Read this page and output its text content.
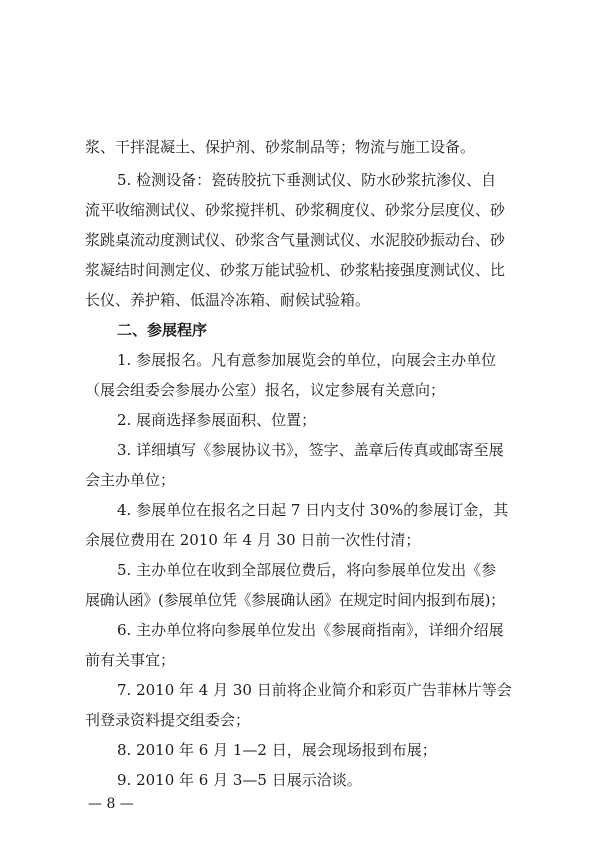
浆、干拌混凝土、保护剂、砂浆制品等；物流与施工设备。
5. 检测设备：瓷砖胶抗下垂测试仪、防水砂浆抗渗仪、自
流平收缩测试仪、砂浆搅拌机、砂浆稠度仪、砂浆分层度仪、砂
浆跳桌流动度测试仪、砂浆含气量测试仪、水泥胶砂振动台、砂
浆凝结时间测定仪、砂浆万能试验机、砂浆粘接强度测试仪、比
长仪、养护箱、低温冷冻箱、耐候试验箱。
二、参展程序
1. 参展报名。凡有意参加展览会的单位，向展会主办单位
（展会组委会参展办公室）报名，议定参展有关意向；
2. 展商选择参展面积、位置；
3. 详细填写《参展协议书》，签字、盖章后传真或邮寄至展
会主办单位；
4. 参展单位在报名之日起 7 日内支付 30%的参展订金，其
余展位费用在 2010 年 4 月 30 日前一次性付清；
5. 主办单位在收到全部展位费后，将向参展单位发出《参
展确认函》(参展单位凭《参展确认函》在规定时间内报到布展)；
6. 主办单位将向参展单位发出《参展商指南》，详细介绍展
前有关事宜；
7. 2010 年 4 月 30 日前将企业简介和彩页广告菲林片等会
刊登录资料提交组委会；
8. 2010 年 6 月 1—2 日，展会现场报到布展；
9. 2010 年 6 月 3—5 日展示洽谈。
— 8 —
